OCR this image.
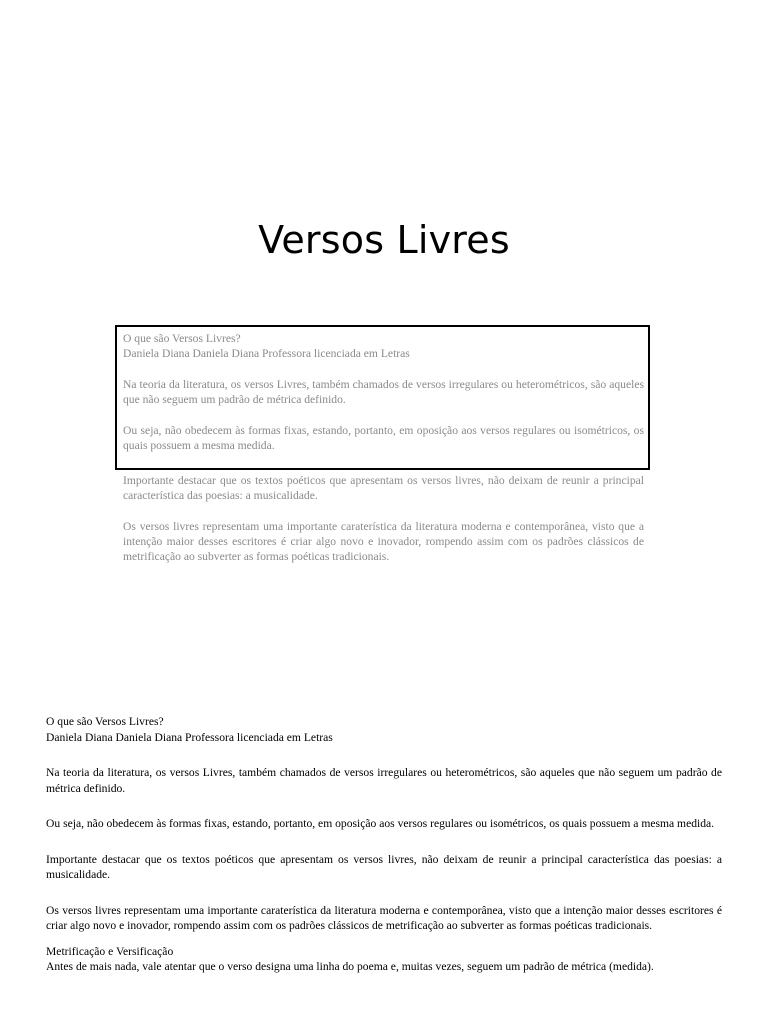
Versos Livres

O que são Versos Livres?

Daniela Diana Daniela Diana Professora licenciada em Letras

Na teoria da literatura, os versos Livres, também chamados de versos irregulares ou heterométricos, são aqueles que não seguem um padrão de métrica definido.

Ou seja, não obedecem às formas fixas, estando, portanto, em oposição aos versos regulares ou isométricos, os quais possuem a mesma medida.

Importante destacar que os textos poéticos que apresentam os versos livres, não deixam de reunir a principal característica das poesias: a musicalidade.

Os versos livres representam uma importante caraterística da literatura moderna e contemporânea, visto que a intenção maior desses escritores é criar algo novo e inovador, rompendo assim com os padrões clássicos de metrificação ao subverter as formas poéticas tradicionais.

O que são Versos Livres?

Daniela Diana Daniela Diana Professora licenciada em Letras

Na teoria da literatura, os versos Livres, também chamados de versos irregulares ou heterométricos, são aqueles que não seguem um padrão de métrica definido.

Ou seja, não obedecem às formas fixas, estando, portanto, em oposição aos versos regulares ou isométricos, os quais possuem a mesma medida.

Importante destacar que os textos poéticos que apresentam os versos livres, não deixam de reunir a principal característica das poesias: a musicalidade.

Os versos livres representam uma importante caraterística da literatura moderna e contemporânea, visto que a intenção maior desses escritores é criar algo novo e inovador, rompendo assim com os padrões clássicos de metrificação ao subverter as formas poéticas tradicionais.

Metrificação e Versificação

Antes de mais nada, vale atentar que o verso designa uma linha do poema e, muitas vezes, seguem um padrão de métrica (medida).
